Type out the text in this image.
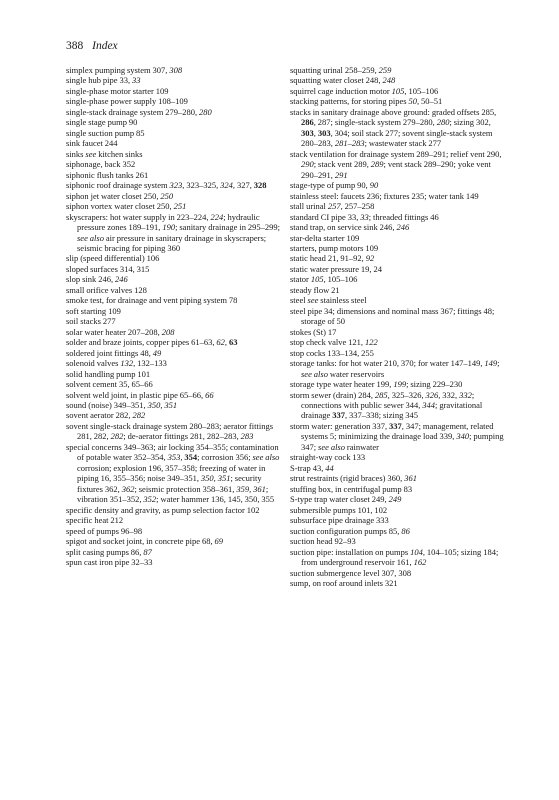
388 Index
simplex pumping system 307, 308
single hub pipe 33, 33
single-phase motor starter 109
single-phase power supply 108–109
single-stack drainage system 279–280, 280
single stage pump 90
single suction pump 85
sink faucet 244
sinks see kitchen sinks
siphonage, back 352
siphonic flush tanks 261
siphonic roof drainage system 323, 323–325, 324, 327, 328
siphon jet water closet 250, 250
siphon vortex water closet 250, 251
skyscrapers: hot water supply in 223–224, 224; hydraulic pressure zones 189–191, 190; sanitary drainage in 295–299; see also air pressure in sanitary drainage in skyscrapers; seismic bracing for piping 360
slip (speed differential) 106
sloped surfaces 314, 315
slop sink 246, 246
small orifice valves 128
smoke test, for drainage and vent piping system 78
soft starting 109
soil stacks 277
solar water heater 207–208, 208
solder and braze joints, copper pipes 61–63, 62, 63
soldered joint fittings 48, 49
solenoid valves 132, 132–133
solid handling pump 101
solvent cement 35, 65–66
solvent weld joint, in plastic pipe 65–66, 66
sound (noise) 349–351, 350, 351
sovent aerator 282, 282
sovent single-stack drainage system 280–283; aerator fittings 281, 282, 282; de-aerator fittings 281, 282–283, 283
special concerns 349–363; air locking 354–355; contamination of potable water 352–354, 353, 354; corrosion 356; see also corrosion; explosion 196, 357–358; freezing of water in piping 16, 355–356; noise 349–351, 350, 351; security fixtures 362, 362; seismic protection 358–361, 359, 361; vibration 351–352, 352; water hammer 136, 145, 350, 355
specific density and gravity, as pump selection factor 102
specific heat 212
speed of pumps 96–98
spigot and socket joint, in concrete pipe 68, 69
split casing pumps 86, 87
spun cast iron pipe 32–33
squatting urinal 258–259, 259
squatting water closet 248, 248
squirrel cage induction motor 105, 105–106
stacking patterns, for storing pipes 50, 50–51
stacks in sanitary drainage above ground: graded offsets 285, 286, 287; single-stack system 279–280, 280; sizing 302, 303, 303, 304; soil stack 277; sovent single-stack system 280–283, 281–283; wastewater stack 277
stack ventilation for drainage system 289–291; relief vent 290, 290; stack vent 289, 289; vent stack 289–290; yoke vent 290–291, 291
stage-type of pump 90, 90
stainless steel: faucets 236; fixtures 235; water tank 149
stall urinal 257, 257–258
standard CI pipe 33, 33; threaded fittings 46
stand trap, on service sink 246, 246
star-delta starter 109
starters, pump motors 109
static head 21, 91–92, 92
static water pressure 19, 24
stator 105, 105–106
steady flow 21
steel see stainless steel
steel pipe 34; dimensions and nominal mass 367; fittings 48; storage of 50
stokes (St) 17
stop check valve 121, 122
stop cocks 133–134, 255
storage tanks: for hot water 210, 370; for water 147–149, 149; see also water reservoirs
storage type water heater 199, 199; sizing 229–230
storm sewer (drain) 284, 285, 325–326, 326, 332, 332; connections with public sewer 344, 344; gravitational drainage 337, 337–338; sizing 345
storm water: generation 337, 337, 347; management, related systems 5; minimizing the drainage load 339, 340; pumping 347; see also rainwater
straight-way cock 133
S-trap 43, 44
strut restraints (rigid braces) 360, 361
stuffing box, in centrifugal pump 83
S-type trap water closet 249, 249
submersible pumps 101, 102
subsurface pipe drainage 333
suction configuration pumps 85, 86
suction head 92–93
suction pipe: installation on pumps 104, 104–105; sizing 184; from underground reservoir 161, 162
suction submergence level 307, 308
sump, on roof around inlets 321
